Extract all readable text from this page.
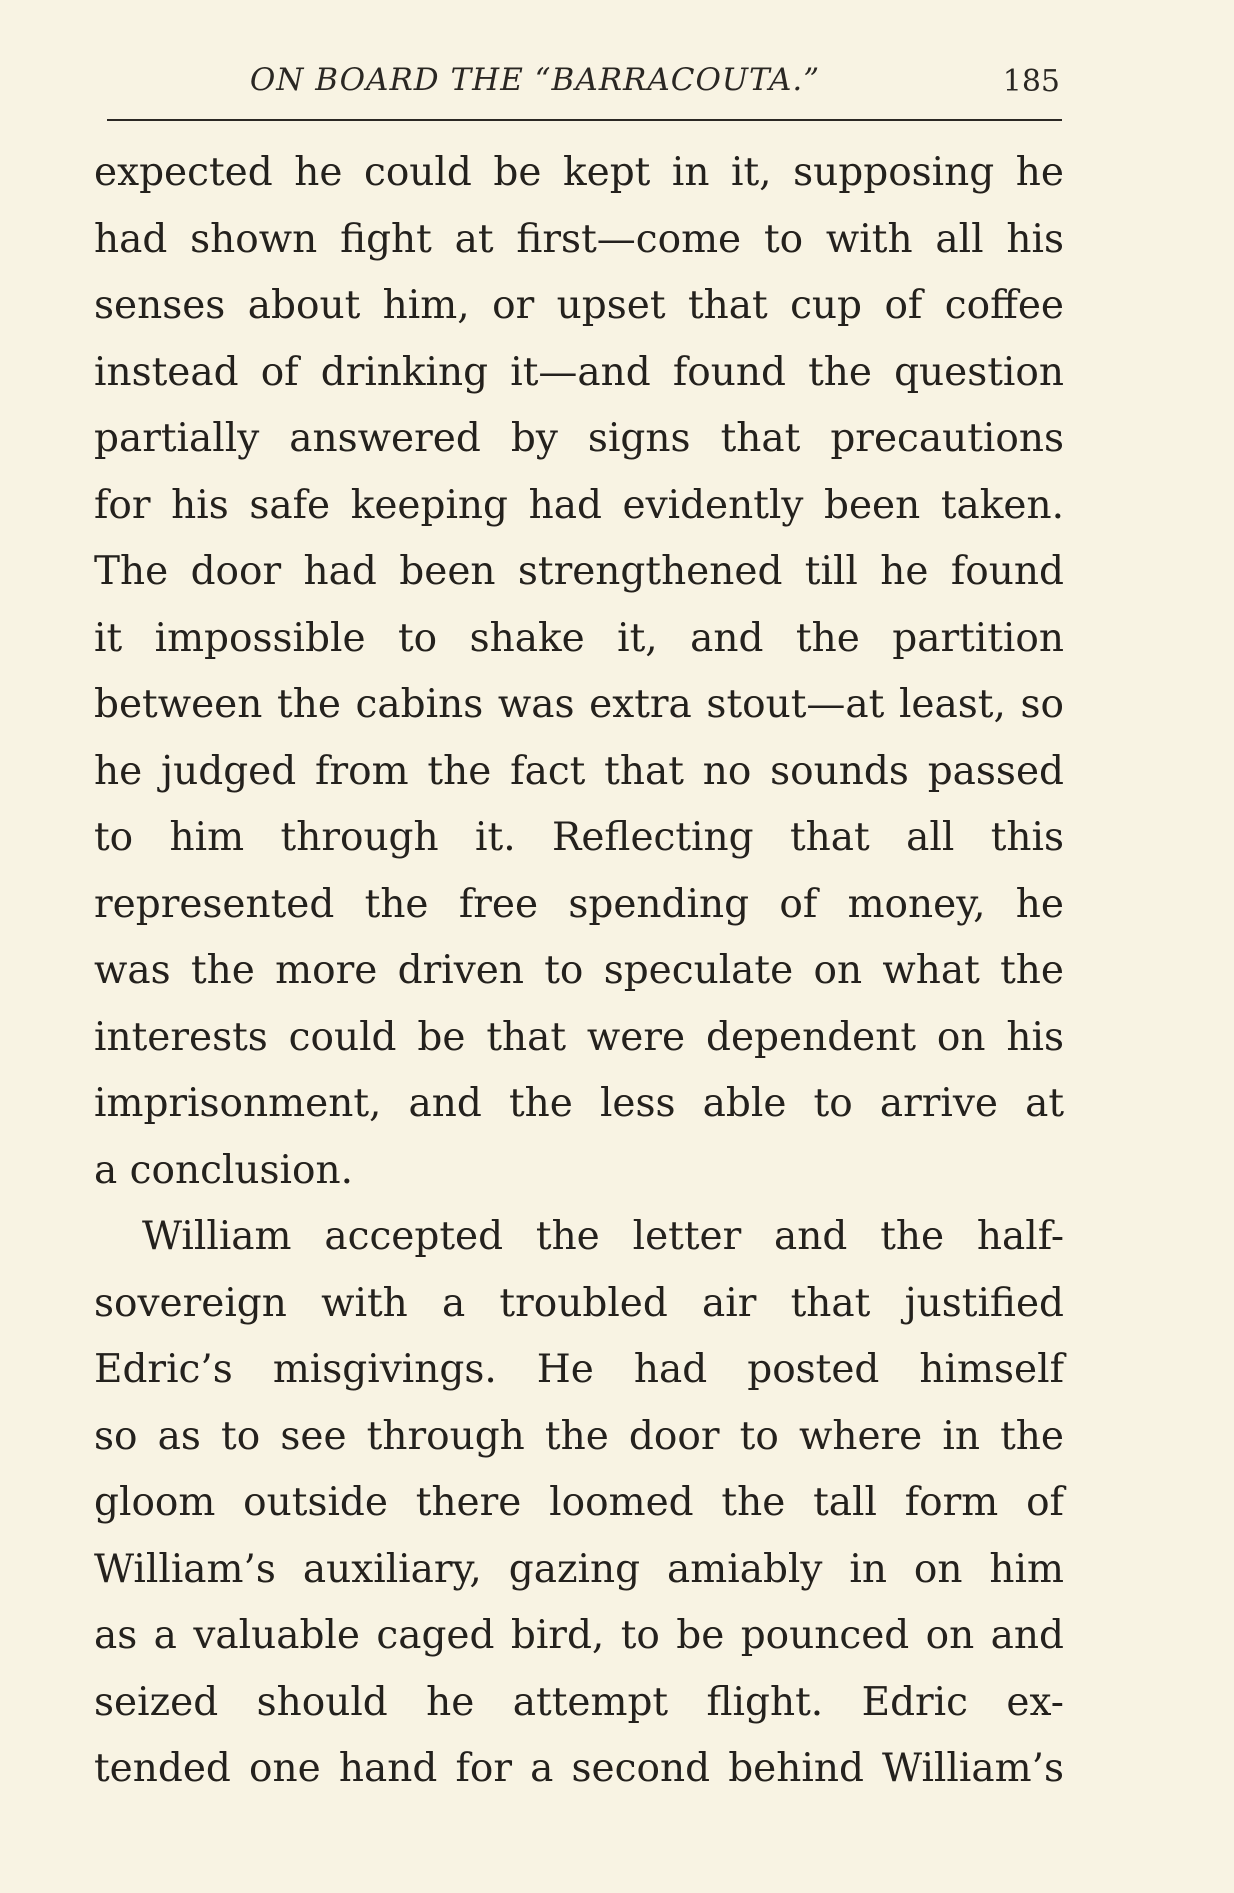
ON BOARD THE “BARRACOUTA.”	185
expected he could be kept in it, supposing he
had shown fight at first—come to with all his
senses about him, or upset that cup of coffee
instead of drinking it—and found the question
partially answered by signs that precautions
for his safe keeping had evidently been taken.
The door had been strengthened till he found
it impossible to shake it, and the partition
between the cabins was extra stout—at least, so
he judged from the fact that no sounds passed
to him through it. Reflecting that all this
represented the free spending of money, he
was the more driven to speculate on what the
interests could be that were dependent on his
imprisonment, and the less able to arrive at
a conclusion.
William accepted the letter and the half-
sovereign with a troubled air that justified
Edric’s misgivings. He had posted himself
so as to see through the door to where in the
gloom outside there loomed the tall form of
William’s auxiliary, gazing amiably in on him
as a valuable caged bird, to be pounced on and
seized should he attempt flight. Edric ex-
tended one hand for a second behind William’s
